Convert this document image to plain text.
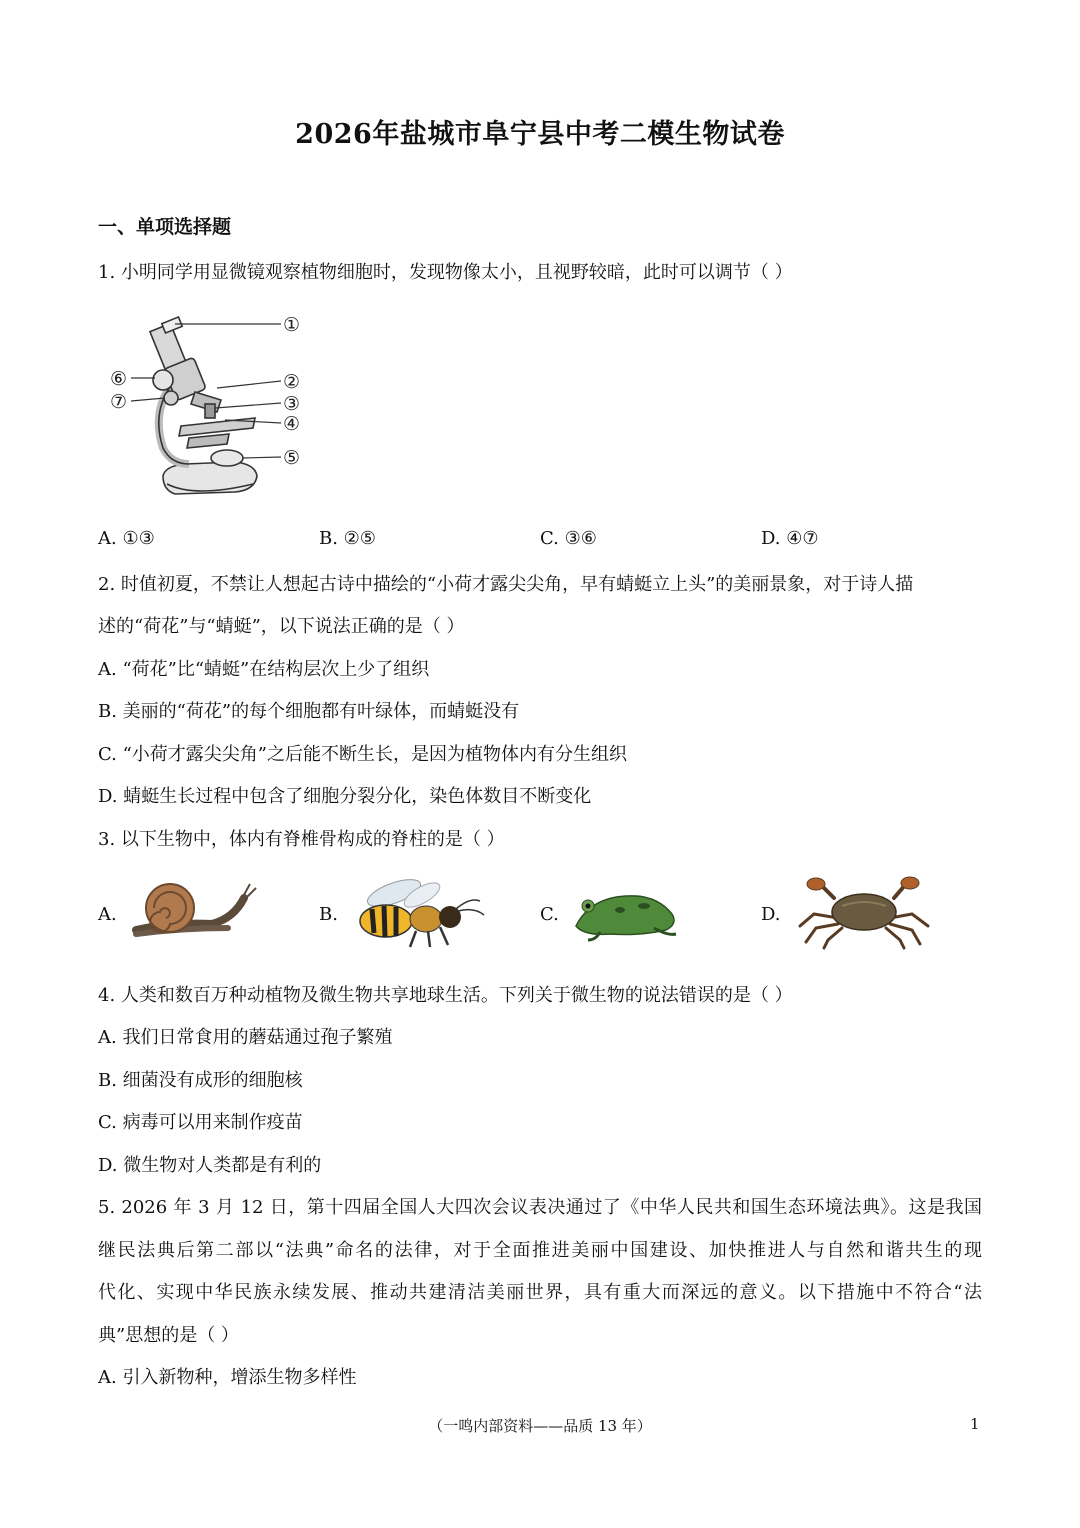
2026年盐城市阜宁县中考二模生物试卷
一、单项选择题
1. 小明同学用显微镜观察植物细胞时，发现物像太小，且视野较暗，此时可以调节（ ）
①
②
③
④
⑤
⑥
⑦
A. ①③	B. ②⑤	C. ③⑥	D. ④⑦
2. 时值初夏，不禁让人想起古诗中描绘的“小荷才露尖尖角，早有蜻蜓立上头”的美丽景象，对于诗人描
述的“荷花”与“蜻蜓”，以下说法正确的是（ ）
A. “荷花”比“蜻蜓”在结构层次上少了组织
B. 美丽的“荷花”的每个细胞都有叶绿体，而蜻蜓没有
C. “小荷才露尖尖角”之后能不断生长，是因为植物体内有分生组织
D. 蜻蜓生长过程中包含了细胞分裂分化，染色体数目不断变化
3. 以下生物中，体内有脊椎骨构成的脊柱的是（ ）
A.	B.	C.	D.
4. 人类和数百万种动植物及微生物共享地球生活。下列关于微生物的说法错误的是（ ）
A. 我们日常食用的蘑菇通过孢子繁殖
B. 细菌没有成形的细胞核
C. 病毒可以用来制作疫苗
D. 微生物对人类都是有利的
5. 2026 年 3 月 12 日，第十四届全国人大四次会议表决通过了《中华人民共和国生态环境法典》。这是我国
继民法典后第二部以“法典”命名的法律，对于全面推进美丽中国建设、加快推进人与自然和谐共生的现
代化、实现中华民族永续发展、推动共建清洁美丽世界，具有重大而深远的意义。以下措施中不符合“法
典”思想的是（ ）
A. 引入新物种，增添生物多样性
（一鸣内部资料——品质 13 年）	1
